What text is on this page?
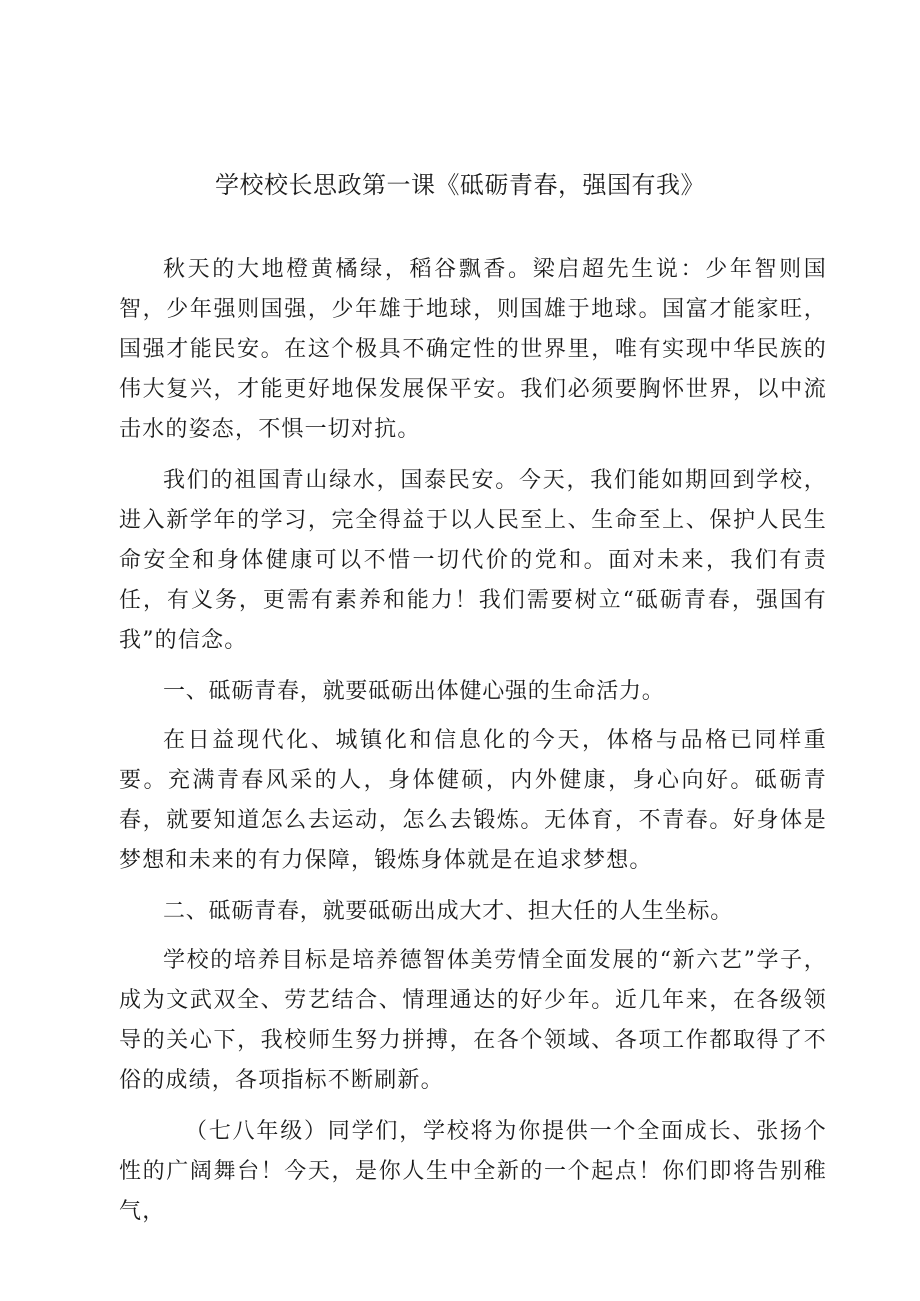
学校校长思政第一课《砥砺青春，强国有我》

秋天的大地橙黄橘绿，稻谷飘香。梁启超先生说：少年智则国智，少年强则国强，少年雄于地球，则国雄于地球。国富才能家旺，国强才能民安。在这个极具不确定性的世界里，唯有实现中华民族的伟大复兴，才能更好地保发展保平安。我们必须要胸怀世界，以中流击水的姿态，不惧一切对抗。

我们的祖国青山绿水，国泰民安。今天，我们能如期回到学校，进入新学年的学习，完全得益于以人民至上、生命至上、保护人民生命安全和身体健康可以不惜一切代价的党和。面对未来，我们有责任，有义务，更需有素养和能力！我们需要树立“砥砺青春，强国有我”的信念。

一、砥砺青春，就要砥砺出体健心强的生命活力。

在日益现代化、城镇化和信息化的今天，体格与品格已同样重要。充满青春风采的人，身体健硕，内外健康，身心向好。砥砺青春，就要知道怎么去运动，怎么去锻炼。无体育，不青春。好身体是梦想和未来的有力保障，锻炼身体就是在追求梦想。

二、砥砺青春，就要砥砺出成大才、担大任的人生坐标。

学校的培养目标是培养德智体美劳情全面发展的“新六艺”学子，成为文武双全、劳艺结合、情理通达的好少年。近几年来，在各级领导的关心下，我校师生努力拼搏，在各个领域、各项工作都取得了不俗的成绩，各项指标不断刷新。

（七八年级）同学们，学校将为你提供一个全面成长、张扬个性的广阔舞台！今天，是你人生中全新的一个起点！你们即将告别稚气，
